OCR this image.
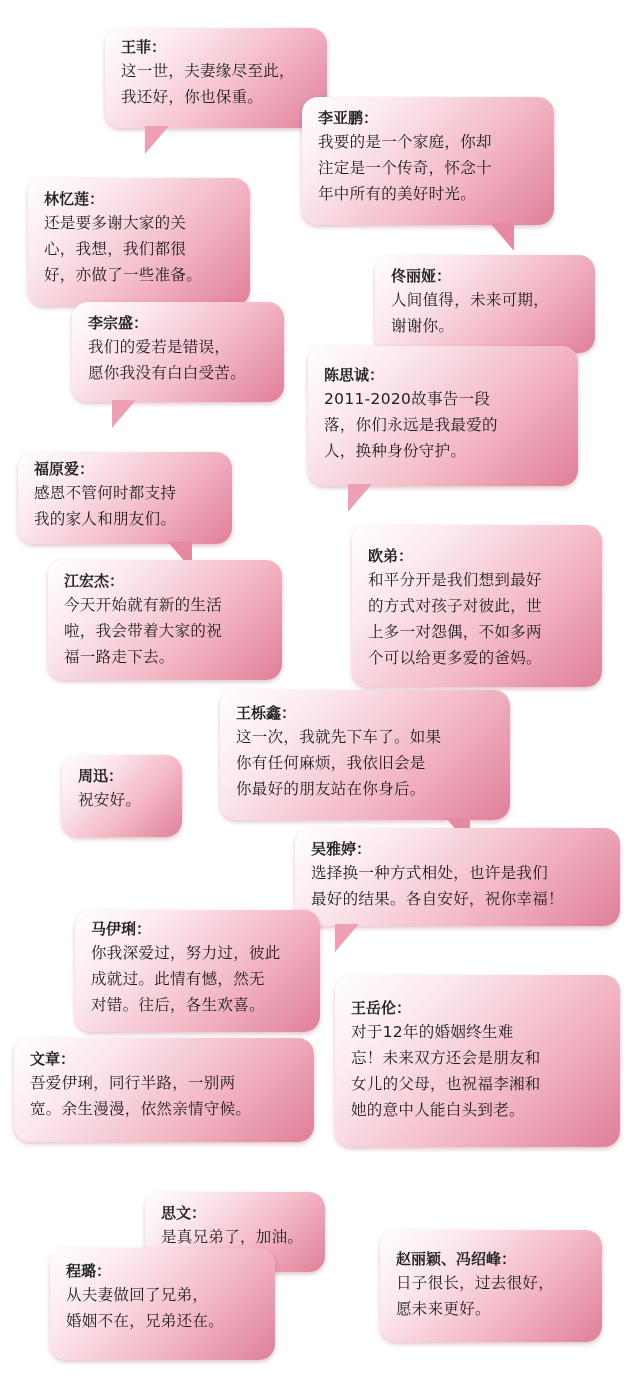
王菲：
这一世，夫妻缘尽至此，
我还好，你也保重。
李亚鹏：
我要的是一个家庭，你却
注定是一个传奇，怀念十
年中所有的美好时光。
林忆莲：
还是要多谢大家的关
心，我想，我们都很
好，亦做了一些准备。	佟丽娅：
人间值得，未来可期，
谢谢你。
李宗盛：
我们的爱若是错误，
愿你我没有白白受苦。	陈思诚：
2011-2020故事告一段
落，你们永远是我最爱的
人，换种身份守护。
福原爱：
感恩不管何时都支持
我的家人和朋友们。
欧弟：
和平分开是我们想到最好
的方式对孩子对彼此，世
上多一对怨偶，不如多两
个可以给更多爱的爸妈。
江宏杰：
今天开始就有新的生活
啦，我会带着大家的祝
福一路走下去。
王栎鑫：
这一次，我就先下车了。如果
你有任何麻烦，我依旧会是
你最好的朋友站在你身后。
周迅：
祝安好。
吴雅婷：
选择换一种方式相处，也许是我们
最好的结果。各自安好，祝你幸福！
马伊琍：
你我深爱过，努力过，彼此
成就过。此情有憾，然无
对错。往后，各生欢喜。	王岳伦：
对于12年的婚姻终生难
忘！未来双方还会是朋友和
女儿的父母，也祝福李湘和
她的意中人能白头到老。
文章：
吾爱伊琍，同行半路，一别两
宽。余生漫漫，依然亲情守候。
思文：
是真兄弟了，加油。
赵丽颖、冯绍峰：
日子很长，过去很好，
愿未来更好。
程璐：
从夫妻做回了兄弟，
婚姻不在，兄弟还在。
